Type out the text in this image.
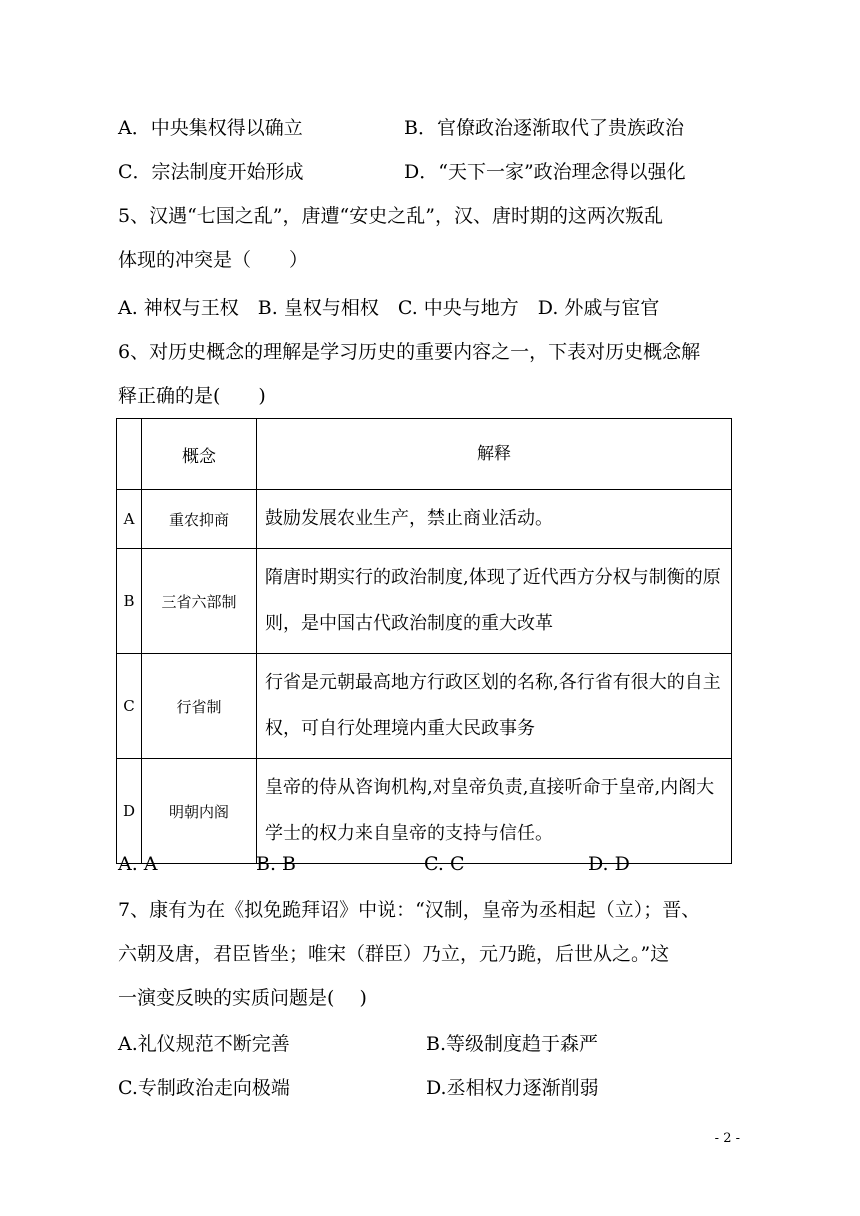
A．中央集权得以确立	B．官僚政治逐渐取代了贵族政治
C．宗法制度开始形成	D．“天下一家”政治理念得以强化
5、汉遇“七国之乱”，唐遭“安史之乱”，汉、唐时期的这两次叛乱
体现的冲突是（　　）
A. 神权与王权　B. 皇权与相权　C. 中央与地方　D. 外戚与宦官
6、对历史概念的理解是学习历史的重要内容之一，下表对历史概念解
释正确的是(　　)
	概念	解释
A	重农抑商	鼓励发展农业生产，禁止商业活动。
B	三省六部制	隋唐时期实行的政治制度,体现了近代西方分权与制衡的原则，是中国古代政治制度的重大改革
C	行省制	行省是元朝最高地方行政区划的名称,各行省有很大的自主权，可自行处理境内重大民政事务
D	明朝内阁	皇帝的侍从咨询机构,对皇帝负责,直接听命于皇帝,内阁大学士的权力来自皇帝的支持与信任。
A. A	B. B	C. C	D. D
7、康有为在《拟免跪拜诏》中说：“汉制，皇帝为丞相起（立）；晋、
六朝及唐，君臣皆坐；唯宋（群臣）乃立，元乃跪，后世从之。”这
一演变反映的实质问题是(　 )
A.礼仪规范不断完善	B.等级制度趋于森严
C.专制政治走向极端	D.丞相权力逐渐削弱
- 2 -
